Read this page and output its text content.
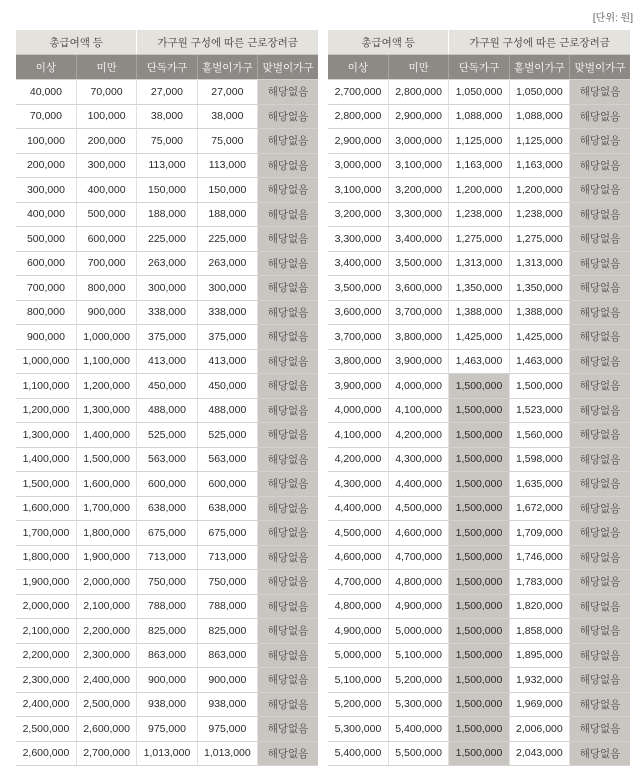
[단위: 원]
총급여액 등		가구원 구성에 따른 근로장려금		
이상	미만	단독가구	홑벌이가구	맞벌이가구
40,000	70,000	27,000	27,000	해당없음
70,000	100,000	38,000	38,000	해당없음
100,000	200,000	75,000	75,000	해당없음
200,000	300,000	113,000	113,000	해당없음
300,000	400,000	150,000	150,000	해당없음
400,000	500,000	188,000	188,000	해당없음
500,000	600,000	225,000	225,000	해당없음
600,000	700,000	263,000	263,000	해당없음
700,000	800,000	300,000	300,000	해당없음
800,000	900,000	338,000	338,000	해당없음
900,000	1,000,000	375,000	375,000	해당없음
1,000,000	1,100,000	413,000	413,000	해당없음
1,100,000	1,200,000	450,000	450,000	해당없음
1,200,000	1,300,000	488,000	488,000	해당없음
1,300,000	1,400,000	525,000	525,000	해당없음
1,400,000	1,500,000	563,000	563,000	해당없음
1,500,000	1,600,000	600,000	600,000	해당없음
1,600,000	1,700,000	638,000	638,000	해당없음
1,700,000	1,800,000	675,000	675,000	해당없음
1,800,000	1,900,000	713,000	713,000	해당없음
1,900,000	2,000,000	750,000	750,000	해당없음
2,000,000	2,100,000	788,000	788,000	해당없음
2,100,000	2,200,000	825,000	825,000	해당없음
2,200,000	2,300,000	863,000	863,000	해당없음
2,300,000	2,400,000	900,000	900,000	해당없음
2,400,000	2,500,000	938,000	938,000	해당없음
2,500,000	2,600,000	975,000	975,000	해당없음
2,600,000	2,700,000	1,013,000	1,013,000	해당없음
총급여액 등		가구원 구성에 따른 근로장려금		
이상	미만	단독가구	홑벌이가구	맞벌이가구
2,700,000	2,800,000	1,050,000	1,050,000	해당없음
2,800,000	2,900,000	1,088,000	1,088,000	해당없음
2,900,000	3,000,000	1,125,000	1,125,000	해당없음
3,000,000	3,100,000	1,163,000	1,163,000	해당없음
3,100,000	3,200,000	1,200,000	1,200,000	해당없음
3,200,000	3,300,000	1,238,000	1,238,000	해당없음
3,300,000	3,400,000	1,275,000	1,275,000	해당없음
3,400,000	3,500,000	1,313,000	1,313,000	해당없음
3,500,000	3,600,000	1,350,000	1,350,000	해당없음
3,600,000	3,700,000	1,388,000	1,388,000	해당없음
3,700,000	3,800,000	1,425,000	1,425,000	해당없음
3,800,000	3,900,000	1,463,000	1,463,000	해당없음
3,900,000	4,000,000	1,500,000	1,500,000	해당없음
4,000,000	4,100,000	1,500,000	1,523,000	해당없음
4,100,000	4,200,000	1,500,000	1,560,000	해당없음
4,200,000	4,300,000	1,500,000	1,598,000	해당없음
4,300,000	4,400,000	1,500,000	1,635,000	해당없음
4,400,000	4,500,000	1,500,000	1,672,000	해당없음
4,500,000	4,600,000	1,500,000	1,709,000	해당없음
4,600,000	4,700,000	1,500,000	1,746,000	해당없음
4,700,000	4,800,000	1,500,000	1,783,000	해당없음
4,800,000	4,900,000	1,500,000	1,820,000	해당없음
4,900,000	5,000,000	1,500,000	1,858,000	해당없음
5,000,000	5,100,000	1,500,000	1,895,000	해당없음
5,100,000	5,200,000	1,500,000	1,932,000	해당없음
5,200,000	5,300,000	1,500,000	1,969,000	해당없음
5,300,000	5,400,000	1,500,000	2,006,000	해당없음
5,400,000	5,500,000	1,500,000	2,043,000	해당없음
